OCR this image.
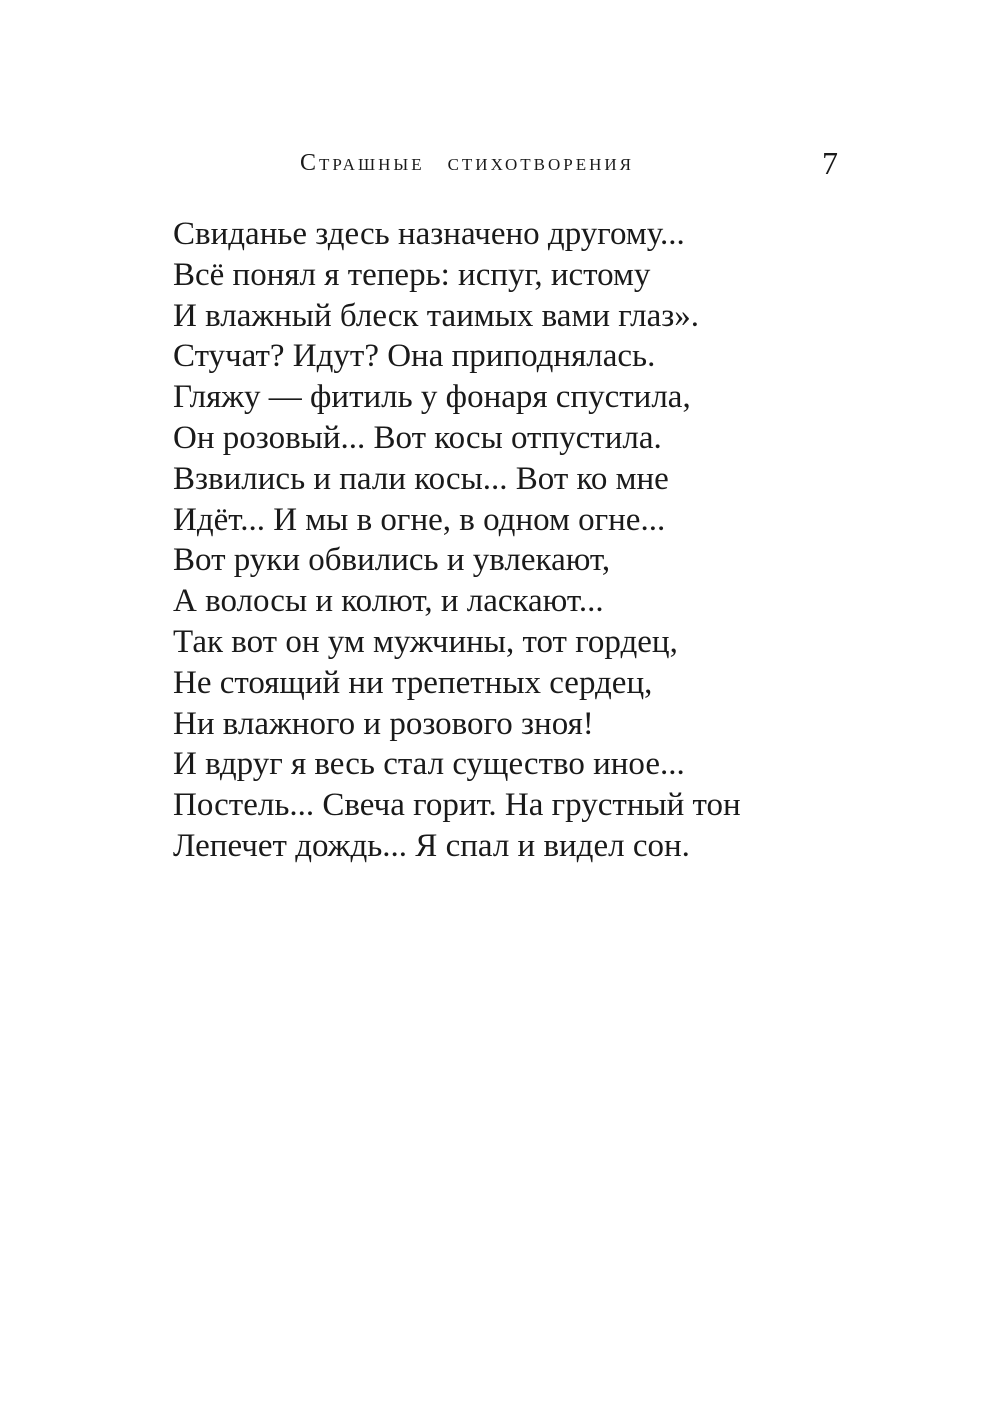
Страшные стихотворения	7
Свиданье здесь назначено другому...
Всё понял я теперь: испуг, истому
И влажный блеск таимых вами глаз».
Стучат? Идут? Она приподнялась.
Гляжу — фитиль у фонаря спустила,
Он розовый... Вот косы отпустила.
Взвились и пали косы... Вот ко мне
Идёт... И мы в огне, в одном огне...
Вот руки обвились и увлекают,
А волосы и колют, и ласкают...
Так вот он ум мужчины, тот гордец,
Не стоящий ни трепетных сердец,
Ни влажного и розового зноя!
И вдруг я весь стал существо иное...
Постель... Свеча горит. На грустный тон
Лепечет дождь... Я спал и видел сон.
